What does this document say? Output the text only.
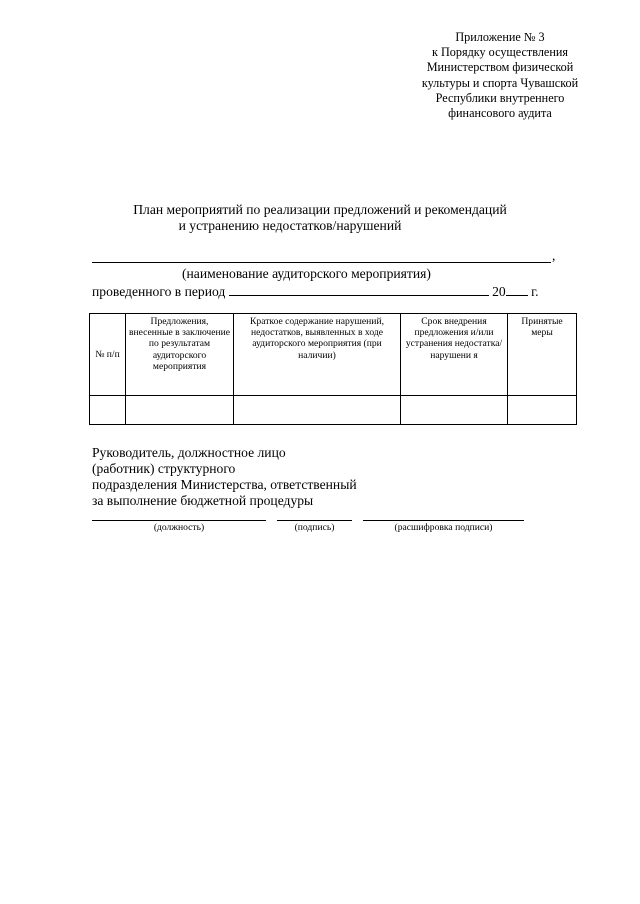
Приложение № 3
к Порядку осуществления
Министерством физической
культуры и спорта Чувашской
Республики внутреннего
финансового аудита
План мероприятий по реализации предложений и рекомендаций
и устранению недостатков/нарушений
,
(наименование аудиторского мероприятия)
проведенного в период	20 г.
№ п/п	Предложения, внесенные в заключение по результатам аудиторского мероприятия	Краткое содержание нарушений, недостатков, выявленных в ходе аудиторского мероприятия (при наличии)	Срок внедрения предложения и/или устранения недостатка/нарушени я	Принятые меры

Руководитель, должностное лицо
(работник) структурного
подразделения Министерства, ответственный
за выполнение бюджетной процедуры
(должность)	(подпись)	(расшифровка подписи)
